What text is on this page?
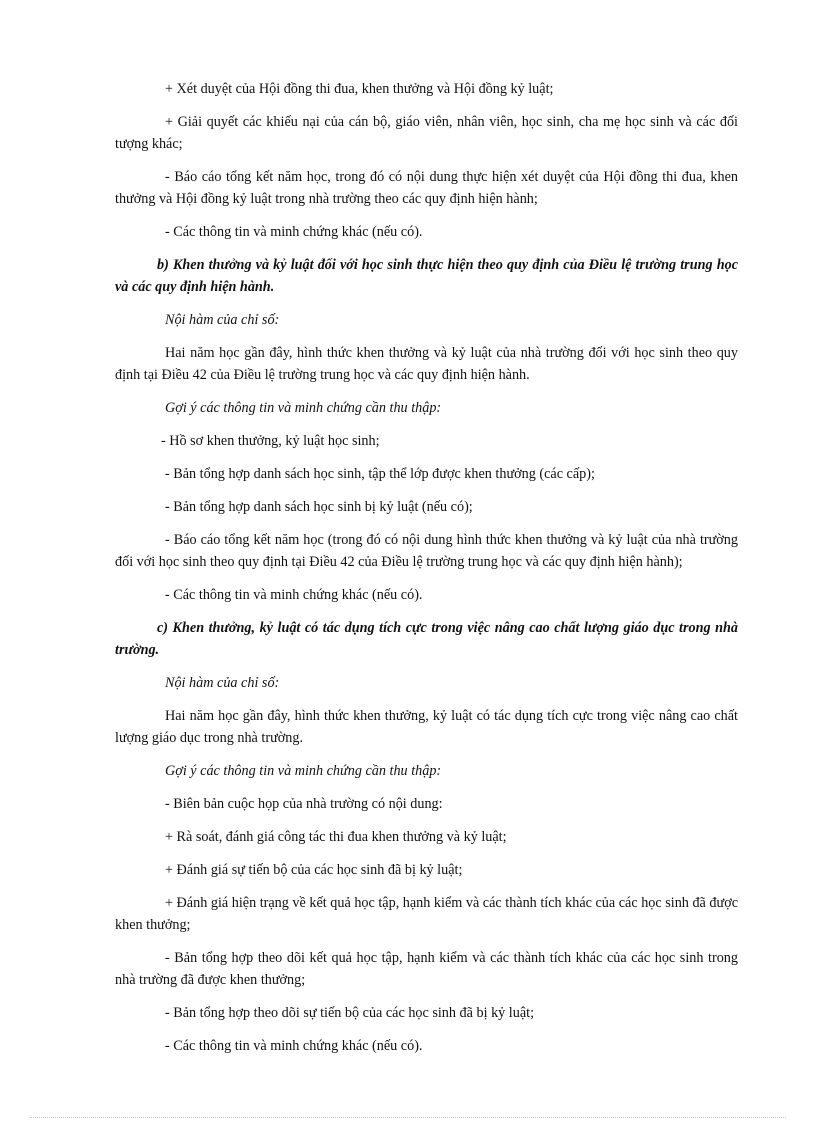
+ Xét duyệt của Hội đồng thi đua, khen thưởng và Hội đồng kỷ luật;

+ Giải quyết các khiếu nại của cán bộ, giáo viên, nhân viên, học sinh, cha mẹ học sinh và các đối tượng khác;

- Báo cáo tổng kết năm học, trong đó có nội dung thực hiện xét duyệt của Hội đồng thi đua, khen thưởng và Hội đồng kỷ luật trong nhà trường theo các quy định hiện hành;

- Các thông tin và minh chứng khác (nếu có).

b) Khen thưởng và kỷ luật đối với học sinh thực hiện theo quy định của Điều lệ trường trung học và các quy định hiện hành.

Nội hàm của chỉ số:

Hai năm học gần đây, hình thức khen thưởng và kỷ luật của nhà trường đối với học sinh theo quy định tại Điều 42 của Điều lệ trường trung học và các quy định hiện hành.

Gợi ý các thông tin và minh chứng cần thu thập:

- Hồ sơ khen thưởng, kỷ luật học sinh;

- Bản tổng hợp danh sách học sinh, tập thể lớp được khen thưởng (các cấp);

- Bản tổng hợp danh sách học sinh bị kỷ luật (nếu có);

- Báo cáo tổng kết năm học (trong đó có nội dung hình thức khen thưởng và kỷ luật của nhà trường đối với học sinh theo quy định tại Điều 42 của Điều lệ trường trung học và các quy định hiện hành);

- Các thông tin và minh chứng khác (nếu có).

c) Khen thưởng, kỷ luật có tác dụng tích cực trong việc nâng cao chất lượng giáo dục trong nhà trường.

Nội hàm của chỉ số:

Hai năm học gần đây, hình thức khen thưởng, kỷ luật có tác dụng tích cực trong việc nâng cao chất lượng giáo dục trong nhà trường.

Gợi ý các thông tin và minh chứng cần thu thập:

- Biên bản cuộc họp của nhà trường có nội dung:

+ Rà soát, đánh giá công tác thi đua khen thưởng và kỷ luật;

+ Đánh giá sự tiến bộ của các học sinh đã bị kỷ luật;

+ Đánh giá hiện trạng về kết quả học tập, hạnh kiểm và các thành tích khác của các học sinh đã được khen thưởng;

- Bản tổng hợp theo dõi kết quả học tập, hạnh kiểm và các thành tích khác của các học sinh trong nhà trường đã được khen thưởng;

- Bản tổng hợp theo dõi sự tiến bộ của các học sinh đã bị kỷ luật;

- Các thông tin và minh chứng khác (nếu có).
